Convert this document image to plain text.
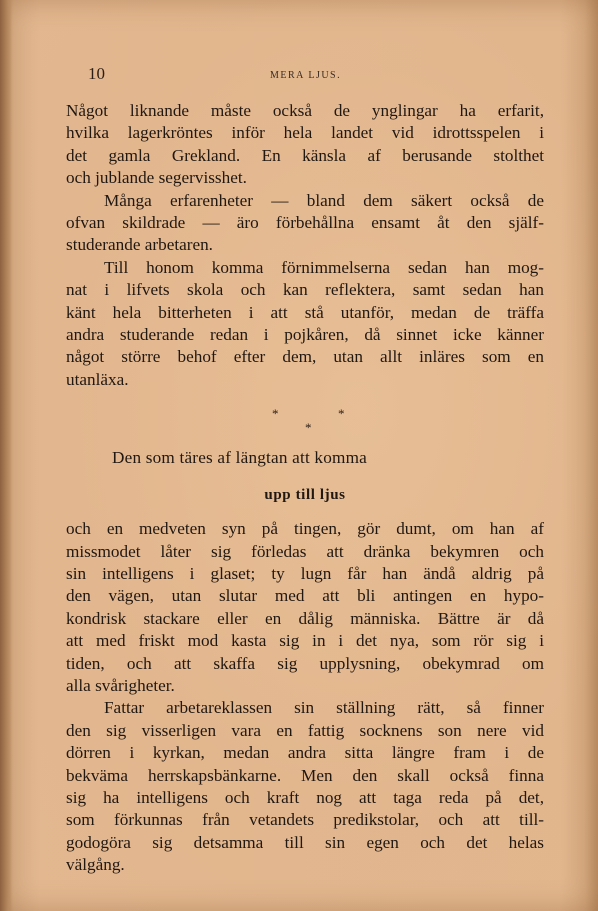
10	MERA LJUS.

Något liknande måste också de ynglingar ha erfarit,
hvilka lagerkröntes inför hela landet vid idrottsspelen i
det gamla Grekland. En känsla af berusande stolthet
och jublande segervisshet.

Många erfarenheter — bland dem säkert också de
ofvan skildrade — äro förbehållna ensamt åt den själf-
studerande arbetaren.

Till honom komma förnimmelserna sedan han mog-
nat i lifvets skola och kan reflektera, samt sedan han
känt hela bitterheten i att stå utanför, medan de träffa
andra studerande redan i pojkåren, då sinnet icke känner
något större behof efter dem, utan allt inläres som en
utanläxa.

*	*
*
Den som täres af längtan att komma
upp till ljus

och en medveten syn på tingen, gör dumt, om han af
missmodet låter sig förledas att dränka bekymren och
sin intelligens i glaset; ty lugn får han ändå aldrig på
den vägen, utan slutar med att bli antingen en hypo-
kondrisk stackare eller en dålig människa. Bättre är då
att med friskt mod kasta sig in i det nya, som rör sig i
tiden, och att skaffa sig upplysning, obekymrad om
alla svårigheter.

Fattar arbetareklassen sin ställning rätt, så finner
den sig visserligen vara en fattig socknens son nere vid
dörren i kyrkan, medan andra sitta längre fram i de
bekväma herrskapsbänkarne. Men den skall också finna
sig ha intelligens och kraft nog att taga reda på det,
som förkunnas från vetandets predikstolar, och att till-
godogöra sig detsamma till sin egen och det helas
välgång.
